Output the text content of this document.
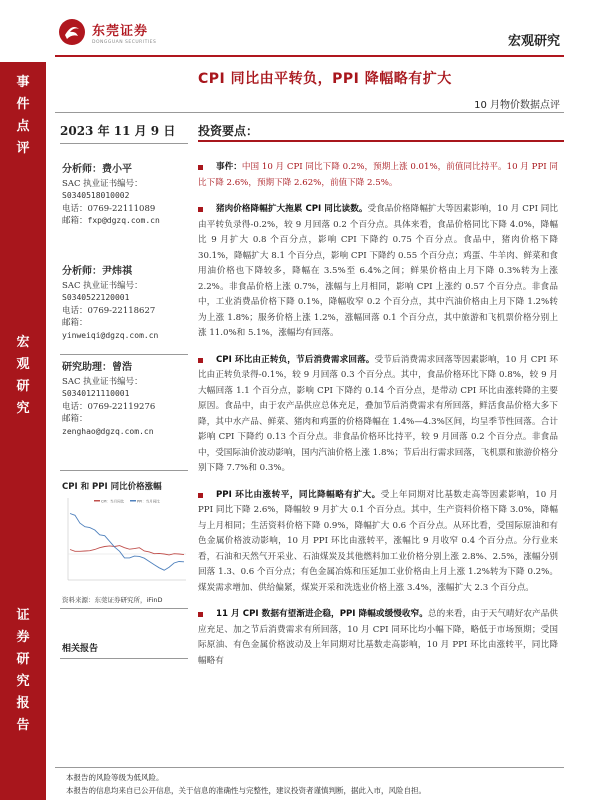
东莞证券
DONGGUAN SECURITIES	宏观研究
事
件
点
评
宏
观
研
究
证
券
研
究
报
告
CPI 同比由平转负，PPI 降幅略有扩大
10 月物价数据点评
2023 年 11 月 9 日
分析师：费小平
SAC 执业证书编号：
S0340518010002
电话：0769-22111089
邮箱：fxp@dgzq.com.cn
分析师：尹炜祺
SAC 执业证书编号：
S0340522120001
电话：0769-22118627
邮箱：
yinweiqi@dgzq.com.cn
研究助理：曾浩
SAC 执业证书编号：
S0340121110001
电话：0769-22119276
邮箱：
zenghao@dgzq.com.cn
CPI 和 PPI 同比价格涨幅
CPI：当月同比	PPI：当月同比
资料来源：东莞证券研究所，iFinD
相关报告
投资要点：
事件：中国 10 月 CPI 同比下降 0.2%，预期上涨 0.01%，前值同比持平。10 月 PPI 同比下降 2.6%，预期下降 2.62%，前值下降 2.5%。
猪肉价格降幅扩大拖累 CPI 同比读数。受食品价格降幅扩大等因素影响，10 月 CPI 同比由平转负录得-0.2%，较 9 月回落 0.2 个百分点。具体来看，食品价格同比下降 4.0%，降幅比 9 月扩大 0.8 个百分点，影响 CPI 下降约 0.75 个百分点。食品中，猪肉价格下降 30.1%，降幅扩大 8.1 个百分点，影响 CPI 下降约 0.55 个百分点；鸡蛋、牛羊肉、鲜菜和食用油价格也下降较多，降幅在 3.5%至 6.4%之间；鲜果价格由上月下降 0.3%转为上涨 2.2%。非食品价格上涨 0.7%，涨幅与上月相同，影响 CPI 上涨约 0.57 个百分点。非食品中，工业消费品价格下降 0.1%，降幅收窄 0.2 个百分点，其中汽油价格由上月下降 1.2%转为上涨 1.8%；服务价格上涨 1.2%，涨幅回落 0.1 个百分点，其中旅游和飞机票价格分别上涨 11.0%和 5.1%，涨幅均有回落。
CPI 环比由正转负，节后消费需求回落。受节后消费需求回落等因素影响，10 月 CPI 环比由正转负录得-0.1%，较 9 月回落 0.3 个百分点。其中，食品价格环比下降 0.8%，较 9 月大幅回落 1.1 个百分点，影响 CPI 下降约 0.14 个百分点，是带动 CPI 环比由涨转降的主要原因。食品中，由于农产品供应总体充足，叠加节后消费需求有所回落，鲜活食品价格大多下降，其中水产品、鲜菜、猪肉和鸡蛋的价格降幅在 1.4%—4.3%区间，均呈季节性回落。合计影响 CPI 下降约 0.13 个百分点。非食品价格环比持平，较 9 月回落 0.2 个百分点。非食品中，受国际油价波动影响，国内汽油价格上涨 1.8%；节后出行需求回落，飞机票和旅游价格分别下降 7.7%和 0.3%。
PPI 环比由涨转平，同比降幅略有扩大。受上年同期对比基数走高等因素影响，10 月 PPI 同比下降 2.6%，降幅较 9 月扩大 0.1 个百分点。其中，生产资料价格下降 3.0%，降幅与上月相同；生活资料价格下降 0.9%，降幅扩大 0.6 个百分点。从环比看，受国际原油和有色金属价格波动影响，10 月 PPI 环比由涨转平，涨幅比 9 月收窄 0.4 个百分点。分行业来看，石油和天然气开采业、石油煤炭及其他燃料加工业价格分别上涨 2.8%、2.5%，涨幅分别回落 1.3、0.6 个百分点；有色金属冶炼和压延加工业价格由上月上涨 1.2%转为下降 0.2%。煤炭需求增加、供给偏紧，煤炭开采和洗选业价格上涨 3.4%，涨幅扩大 2.3 个百分点。
11 月 CPI 数据有望渐进企稳，PPI 降幅或缓慢收窄。总的来看，由于天气晴好农产品供应充足、加之节后消费需求有所回落，10 月 CPI 同环比均小幅下降，略低于市场预期；受国际原油、有色金属价格波动及上年同期对比基数走高影响，10 月 PPI 环比由涨转平，同比降幅略有
本报告的风险等级为低风险。
本报告的信息均来自已公开信息，关于信息的准确性与完整性，建议投资者谨慎判断，据此入市，风险自担。
